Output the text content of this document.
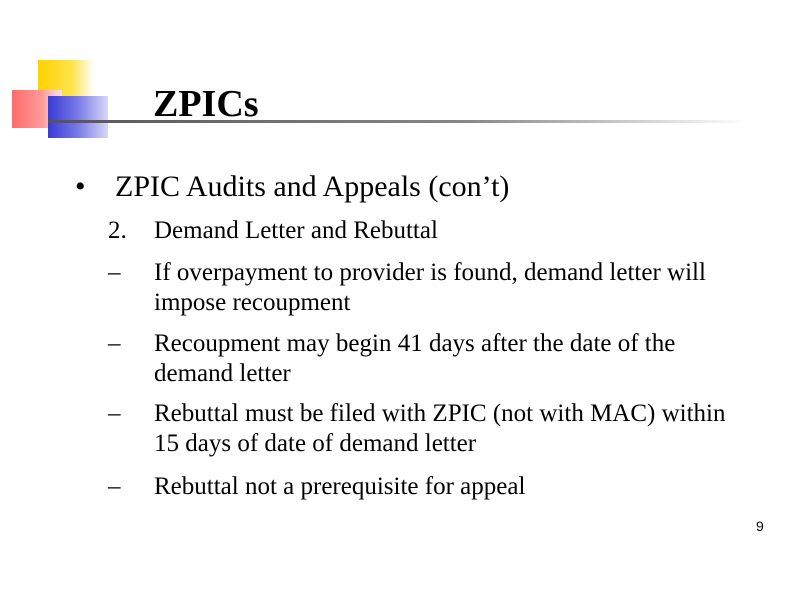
ZPICs
• ZPIC Audits and Appeals (con’t)
2. Demand Letter and Rebuttal
– If overpayment to provider is found, demand letter will impose recoupment
– Recoupment may begin 41 days after the date of the demand letter
– Rebuttal must be filed with ZPIC (not with MAC) within 15 days of date of demand letter
– Rebuttal not a prerequisite for appeal
9
